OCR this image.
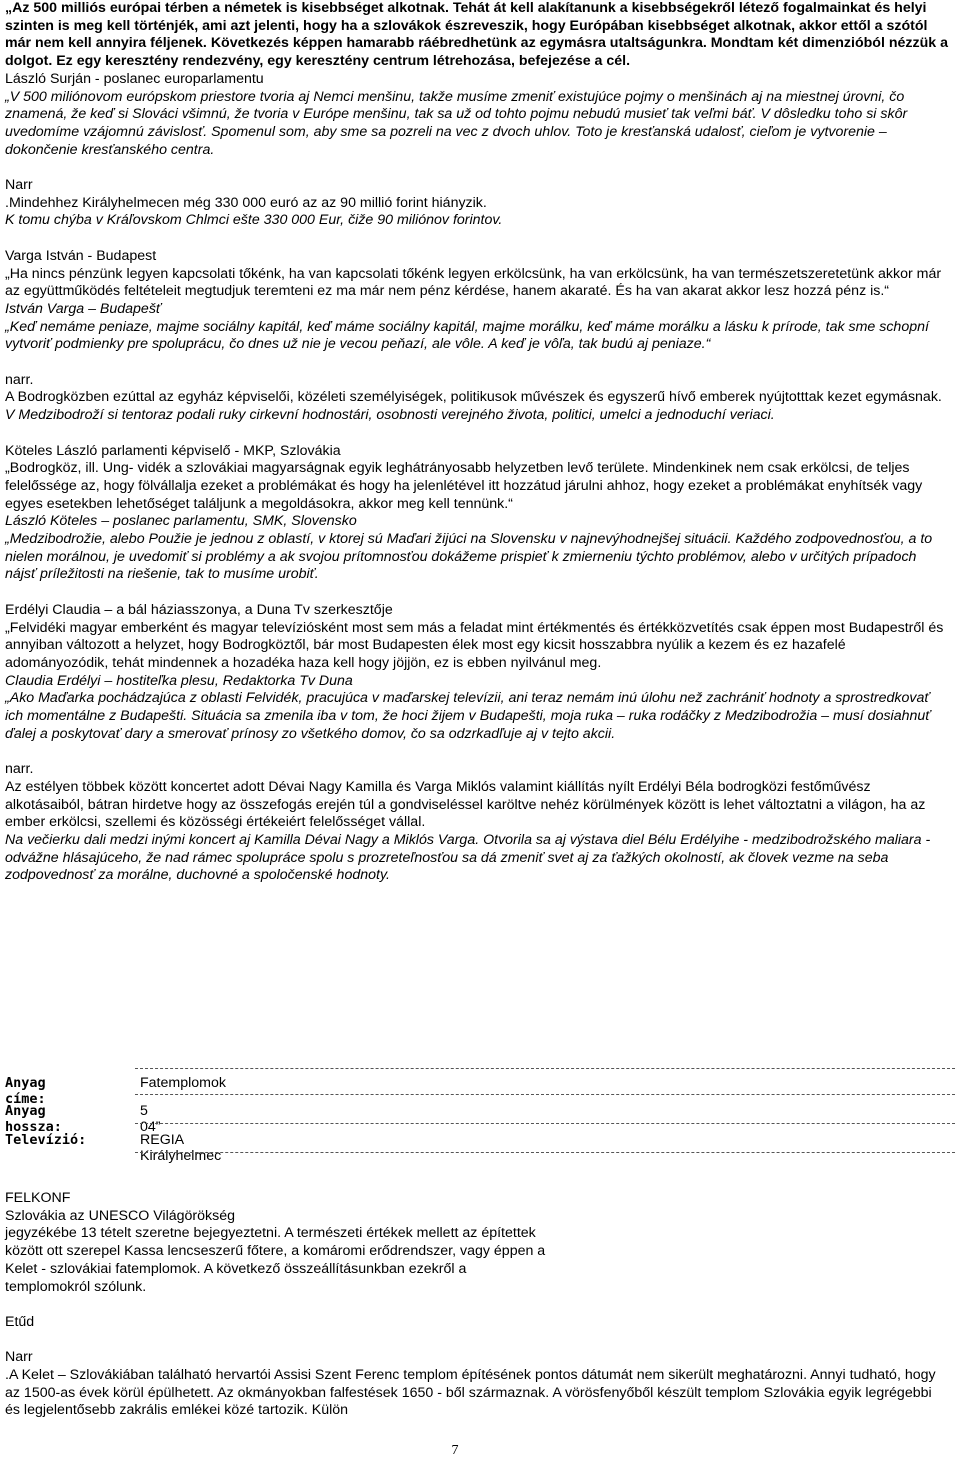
„Az 500 milliós európai térben a németek is kisebbséget alkotnak. Tehát át kell alakítanunk a kisebbségekről létező fogalmainkat és helyi szinten is meg kell történjék, ami azt jelenti, hogy ha a szlovákok észreveszik, hogy Európában kisebbséget alkotnak, akkor ettől a szótól már nem kell annyira féljenek. Következés képpen hamarabb ráébredhetünk az egymásra utaltságunkra. Mondtam két dimenzióból nézzük a dolgot. Ez egy keresztény rendezvény, egy keresztény centrum létrehozása, befejezése a cél.

László Surján - poslanec europarlamentu

„V 500 miliónovom európskom priestore tvoria aj Nemci menšinu, takže musíme zmeniť existujúce pojmy o menšinách aj na miestnej úrovni, čo znamená, že keď si Slováci všimnú, že tvoria v Európe menšinu, tak sa už od tohto pojmu nebudú musieť tak veľmi báť. V dôsledku toho si skôr uvedomíme vzájomnú závislosť. Spomenul som, aby sme sa pozreli na vec z dvoch uhlov. Toto je kresťanská udalosť, cieľom je vytvorenie – dokončenie kresťanského centra.

Narr

.Mindehhez Királyhelmecen még 330 000 euró az az 90 millió forint hiányzik.

K tomu chýba v Kráľovskom Chlmci ešte 330 000 Eur, čiže 90 miliónov forintov.

Varga István - Budapest

„Ha nincs pénzünk legyen kapcsolati tőkénk, ha van kapcsolati tőkénk legyen erkölcsünk, ha van erkölcsünk, ha van természetszeretetünk akkor már az együttműködés feltételeit megtudjuk teremteni ez ma már nem pénz kérdése, hanem akaraté. És ha van akarat akkor lesz hozzá pénz is.“

István Varga – Budapešť

„Keď nemáme peniaze, majme sociálny kapitál, keď máme sociálny kapitál, majme morálku, keď máme morálku a lásku k prírode, tak sme schopní vytvoriť podmienky pre spoluprácu, čo dnes už nie je vecou peňazí, ale vôle. A keď je vôľa, tak budú aj peniaze.“

narr.

A Bodrogközben ezúttal az egyház képviselői, közéleti személyiségek, politikusok művészek és egyszerű hívő emberek nyújtotttak kezet egymásnak.

V Medzibodroží si tentoraz podali ruky cirkevní hodnostári, osobnosti verejného života, politici, umelci a jednoduchí veriaci.

Köteles László parlamenti képviselő - MKP, Szlovákia

„Bodrogköz, ill. Ung- vidék a szlovákiai magyarságnak egyik leghátrányosabb helyzetben levő területe. Mindenkinek nem csak erkölcsi, de teljes felelőssége az, hogy fölvállalja ezeket a problémákat és hogy ha jelenlétével itt hozzátud járulni ahhoz, hogy ezeket a problémákat enyhítsék vagy egyes esetekben lehetőséget találjunk a megoldásokra, akkor meg kell tennünk.“

László Köteles – poslanec parlamentu, SMK, Slovensko

„Medzibodrožie, alebo Použie je jednou z oblastí, v ktorej sú Maďari žijúci na Slovensku v najnevýhodnejšej situácii. Každého zodpovednosťou, a to nielen morálnou, je uvedomiť si problémy a ak svojou prítomnosťou dokážeme prispieť k zmierneniu týchto problémov, alebo v určitých prípadoch nájsť príležitosti na riešenie, tak to musíme urobiť.

Erdélyi Claudia – a bál háziasszonya, a Duna Tv szerkesztője

„Felvidéki magyar emberként és magyar televíziósként most sem más a feladat mint értékmentés és értékközvetítés csak éppen most Budapestről és annyiban változott a helyzet, hogy Bodrogköztől, bár most Budapesten élek most egy kicsit hosszabbra nyúlik a kezem és ez hazafelé adományozódik, tehát mindennek a hozadéka haza kell hogy jöjjön, ez is ebben nyilvánul meg.

Claudia Erdélyi – hostiteľka plesu, Redaktorka Tv Duna

„Ako Maďarka pochádzajúca z oblasti Felvidék, pracujúca v maďarskej televízii, ani teraz nemám inú úlohu než zachrániť hodnoty a sprostredkovať ich momentálne z Budapešti. Situácia sa zmenila iba v tom, že hoci žijem v Budapešti, moja ruka – ruka rodáčky z Medzibodrožia – musí dosiahnuť ďalej a poskytovať dary a smerovať prínosy zo všetkého domov, čo sa odzrkadľuje aj v tejto akcii.

narr.

Az estélyen többek között koncertet adott Dévai Nagy Kamilla és Varga Miklós valamint kiállítás nyílt Erdélyi Béla bodrogközi festőművész alkotásaiból, bátran hirdetve hogy az összefogás erején túl a gondviseléssel karöltve nehéz körülmények között is lehet változtatni a világon, ha az ember erkölcsi, szellemi és közösségi értékeiért felelősséget vállal.

Na večierku dali medzi inými koncert aj Kamilla Dévai Nagy a Miklós Varga. Otvorila sa aj výstava diel Bélu Erdélyihe - medzibodrožského maliara - odvážne hlásajúceho, že nad rámec spolupráce spolu s prozreteľnosťou sa dá zmeniť svet aj za ťažkých okolností, ak človek vezme na seba zodpovednosť za morálne, duchovné a spoločenské hodnoty.

Anyag címe:
Fatemplomok
Anyag hossza:
5 04”
Televízió:	REGIA Királyhelmec

FELKONF

Szlovákia az UNESCO Világörökség

jegyzékébe 13 tételt szeretne bejegyeztetni. A természeti értékek mellett az építettek között ott szerepel Kassa lencseszerű főtere, a komáromi erődrendszer, vagy éppen a Kelet - szlovákiai fatemplomok. A következő összeállításunkban ezekről a templomokról szólunk.

Etűd

Narr

.A Kelet – Szlovákiában található hervartói Assisi Szent Ferenc templom építésének pontos dátumát nem sikerült meghatározni. Annyi tudható, hogy az 1500-as évek körül épülhetett. Az okmányokban falfestések 1650 - ből származnak. A vörösfenyőből készült templom Szlovákia egyik legrégebbi és legjelentősebb zakrális emlékei közé tartozik. Külön

7
